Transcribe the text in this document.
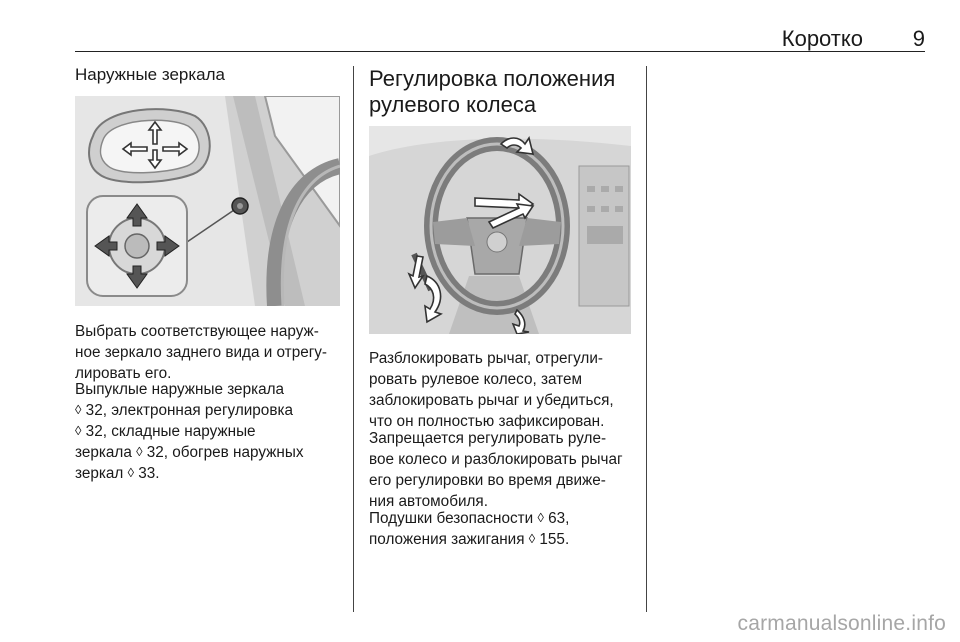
Коротко 9
Наружные зеркала
Выбрать соответствующее наруж-
ное зеркало заднего вида и отрегу-
лировать его.
Выпуклые наружные зеркала
◊ 32, электронная регулировка
◊ 32, складные наружные
зеркала ◊ 32, обогрев наружных
зеркал ◊ 33.
Регулировка положения
рулевого колеса
Разблокировать рычаг, отрегули-
ровать рулевое колесо, затем
заблокировать рычаг и убедиться,
что он полностью зафиксирован.
Запрещается регулировать руле-
вое колесо и разблокировать рычаг
его регулировки во время движе-
ния автомобиля.
Подушки безопасности ◊ 63,
положения зажигания ◊ 155.
carmanualsonline.info
